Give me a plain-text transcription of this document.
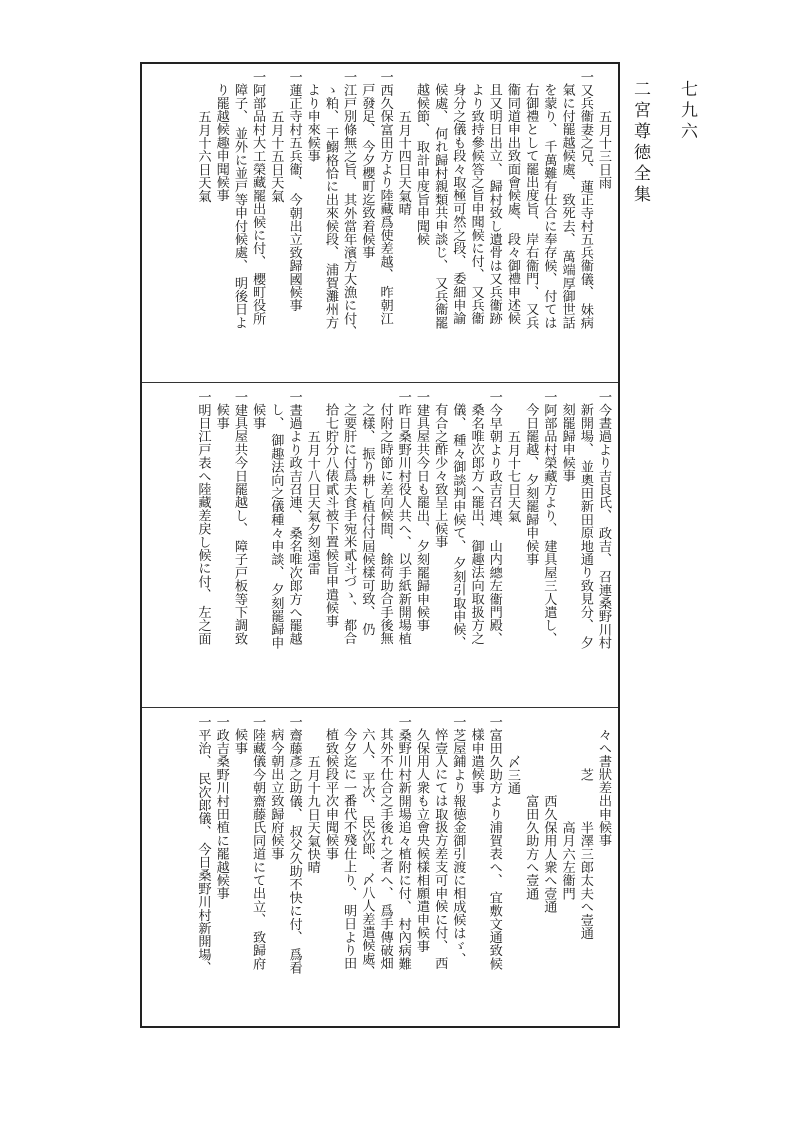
七九六
二宮尊徳全集
五月十三日雨
一又兵衞妻之兄、 蓮正寺村五兵衞儀、 妹病
氣に付罷越候處、 致死去、 萬端厚御世話
を蒙り、 千萬難有仕合に奉存候、 付ては
右御禮として罷出度旨、 岸右衞門、 又兵
衞同道申出致面會候處、 段々御禮申述候
且又明日出立、 歸村致し遺骨は又兵衞跡
より致持參候答之旨申聞候に付、 又兵衞
身分之儀も段々取極可然之段、 委細申諭
候處、 何れ歸村親類共申談じ、 又兵衞罷
越候節、 取計申度旨申聞候
五月十四日天氣晴
一西久保富田方より陸藏爲使差越、 昨朝江
戸發足、 今夕櫻町迄致着候事
一江戸別條無之旨、 其外當年濱方大漁に付、
ゝ粕、 干鰯格恰に出來候段、 浦賀灘州方
より申來候事
一蓮正寺村五兵衞、 今朝出立致歸國候事
五月十五日天氣
一阿部品村大工榮藏罷出候に付、 櫻町役所
障子、 並外に並戸等申付候處、 明後日よ
り罷越候趣申聞候事
五月十六日天氣
一今晝過より吉良氏、 政吉、 召連桑野川村
新開場、 並奧田新田原地通り致見分、 夕
刻罷歸申候事
一阿部品村榮藏方より、 建具屋三人遣し、
今日罷越、 夕刻罷歸申候事
五月十七日天氣
一今早朝より政吉召連、 山内總左衞門殿、
桑名唯次郎方へ罷出、 御趣法向取扱方之
儀、 種々御談判申候て、 夕刻引取申候、
有合之酢少々致呈上候事
一建具屋共今日も罷出、 夕刻罷歸申候事
一昨日桑野川村役人共へ、 以手紙新開場植
付附之時節に差向候間、 餘荷助合手後無
之樣、 振り耕し植付付屆候樣可致、 仍
之要肝に付爲夫食手宛米貳斗づゝ、 都合
拾七貯分八俵貳斗被下置候旨申遣候事
五月十八日天氣夕刻遠雷
一晝過より政吉召連、 桑名唯次郎方へ罷越
し、 御趣法向之儀種々申談、 夕刻罷歸申
候事
一建具屋共今日罷越し、 障子戸板等下調致
候事
一明日江戸表へ陸藏差戻し候に付、 左之面
々へ書狀差出申候事
芝　　　半澤三郎太夫へ壹通
　　　　高月六左衞門
　　西久保用人衆へ壹通
　　富田久助方へ壹通
〆三通
一富田久助方より浦賀表へ、 宜敷文通致候
樣申遣候事
一芝屋鋪より報徳金御引渡に相成候はゞ、
悴壹人にては取扱方差支可申候に付、 西
久保用人衆も立會央候樣相願遣申候事
一桑野川村新開場追々植附に付、 村內病難
其外不仕合之手後れ之者へ、 爲手傳破畑
六人、 平次、 民次郎、 〆八人差遣候處、
今夕迄に一番代不殘仕上り、 明日より田
植致候段平次申聞候事
五月十九日天氣快晴
一齋藤彥之助儀、 叔父久助不快に付、 爲看
病今朝出立致歸府候事
一陸藏儀今朝齋藤氏同道にて出立、 致歸府
候事
一政吉桑野川村田植に罷越候事
一平治、 民次郎儀、 今日桑野川村新開場、
